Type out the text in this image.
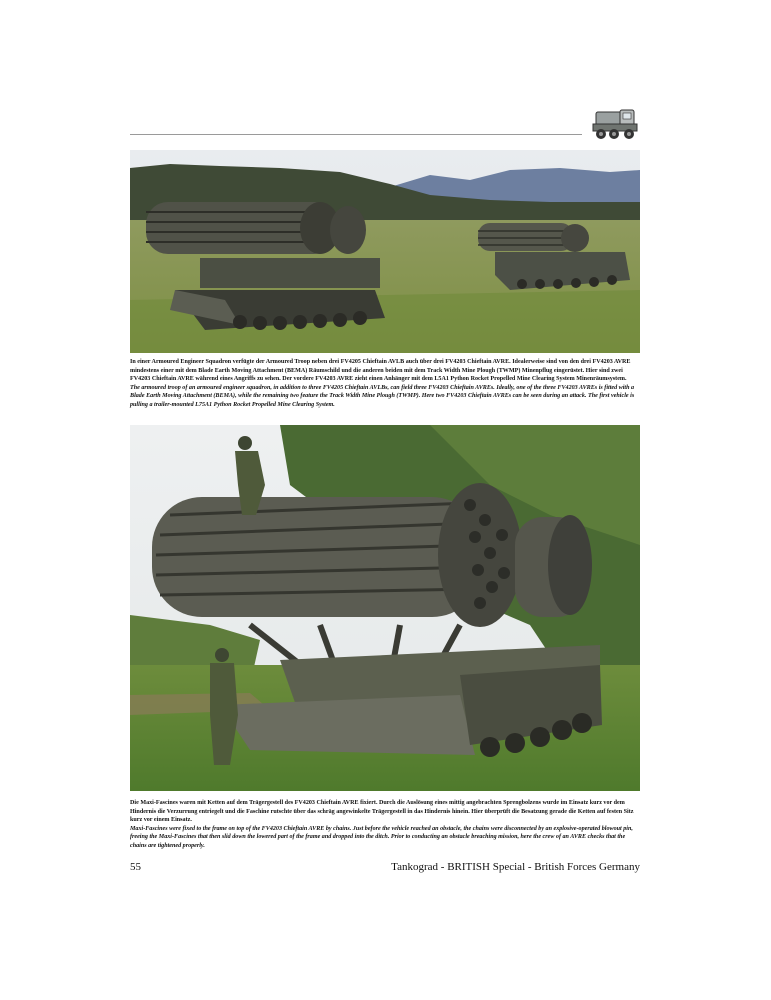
In einer Armoured Engineer Squadron verfügte der Armoured Troop neben drei FV4205 Chieftain AVLB auch über drei FV4203 Chieftain AVRE. Idealerweise sind von den drei FV4203 AVRE mindestens einer mit dem Blade Earth Moving Attachment (BEMA) Räumschild und die anderen beiden mit dem Track Width Mine Plough (TWMP) Minenpflug eingerüstet. Hier sind zwei FV4203 Chieftain AVRE während eines Angriffs zu sehen. Der vordere FV4203 AVRE zieht einen Anhänger mit dem L5A1 Python Rocket Propelled Mine Clearing System Minenräumsystem.

The armoured troop of an armoured engineer squadron, in addition to three FV4205 Chieftain AVLBs, can field three FV4203 Chieftain AVREs. Ideally, one of the three FV4203 AVREs is fitted with a Blade Earth Moving Attachment (BEMA), while the remaining two feature the Track Width Mine Plough (TWMP). Here two FV4203 Chieftain AVREs can be seen during an attack. The first vehicle is pulling a trailer-mounted L75A1 Python Rocket Propelled Mine Clearing System.

Die Maxi-Fascines waren mit Ketten auf dem Trägergestell des FV4203 Chieftain AVRE fixiert. Durch die Auslösung eines mittig angebrachten Sprengbolzens wurde im Einsatz kurz vor dem Hindernis die Verzurrung entriegelt und die Faschine rutschte über das schräg angewinkelte Trägergestell in das Hindernis hinein. Hier überprüft die Besatzung gerade die Ketten auf festen Sitz kurz vor einem Einsatz.

Maxi-Fascines were fixed to the frame on top of the FV4203 Chieftain AVRE by chains. Just before the vehicle reached an obstacle, the chains were disconnected by an explosive-operated blowout pin, freeing the Maxi-Fascines that then slid down the lowered part of the frame and dropped into the ditch. Prior to conducting an obstacle breaching mission, here the crew of an AVRE checks that the chains are tightened properly.

55	Tankograd - BRITISH Special - British Forces Germany
